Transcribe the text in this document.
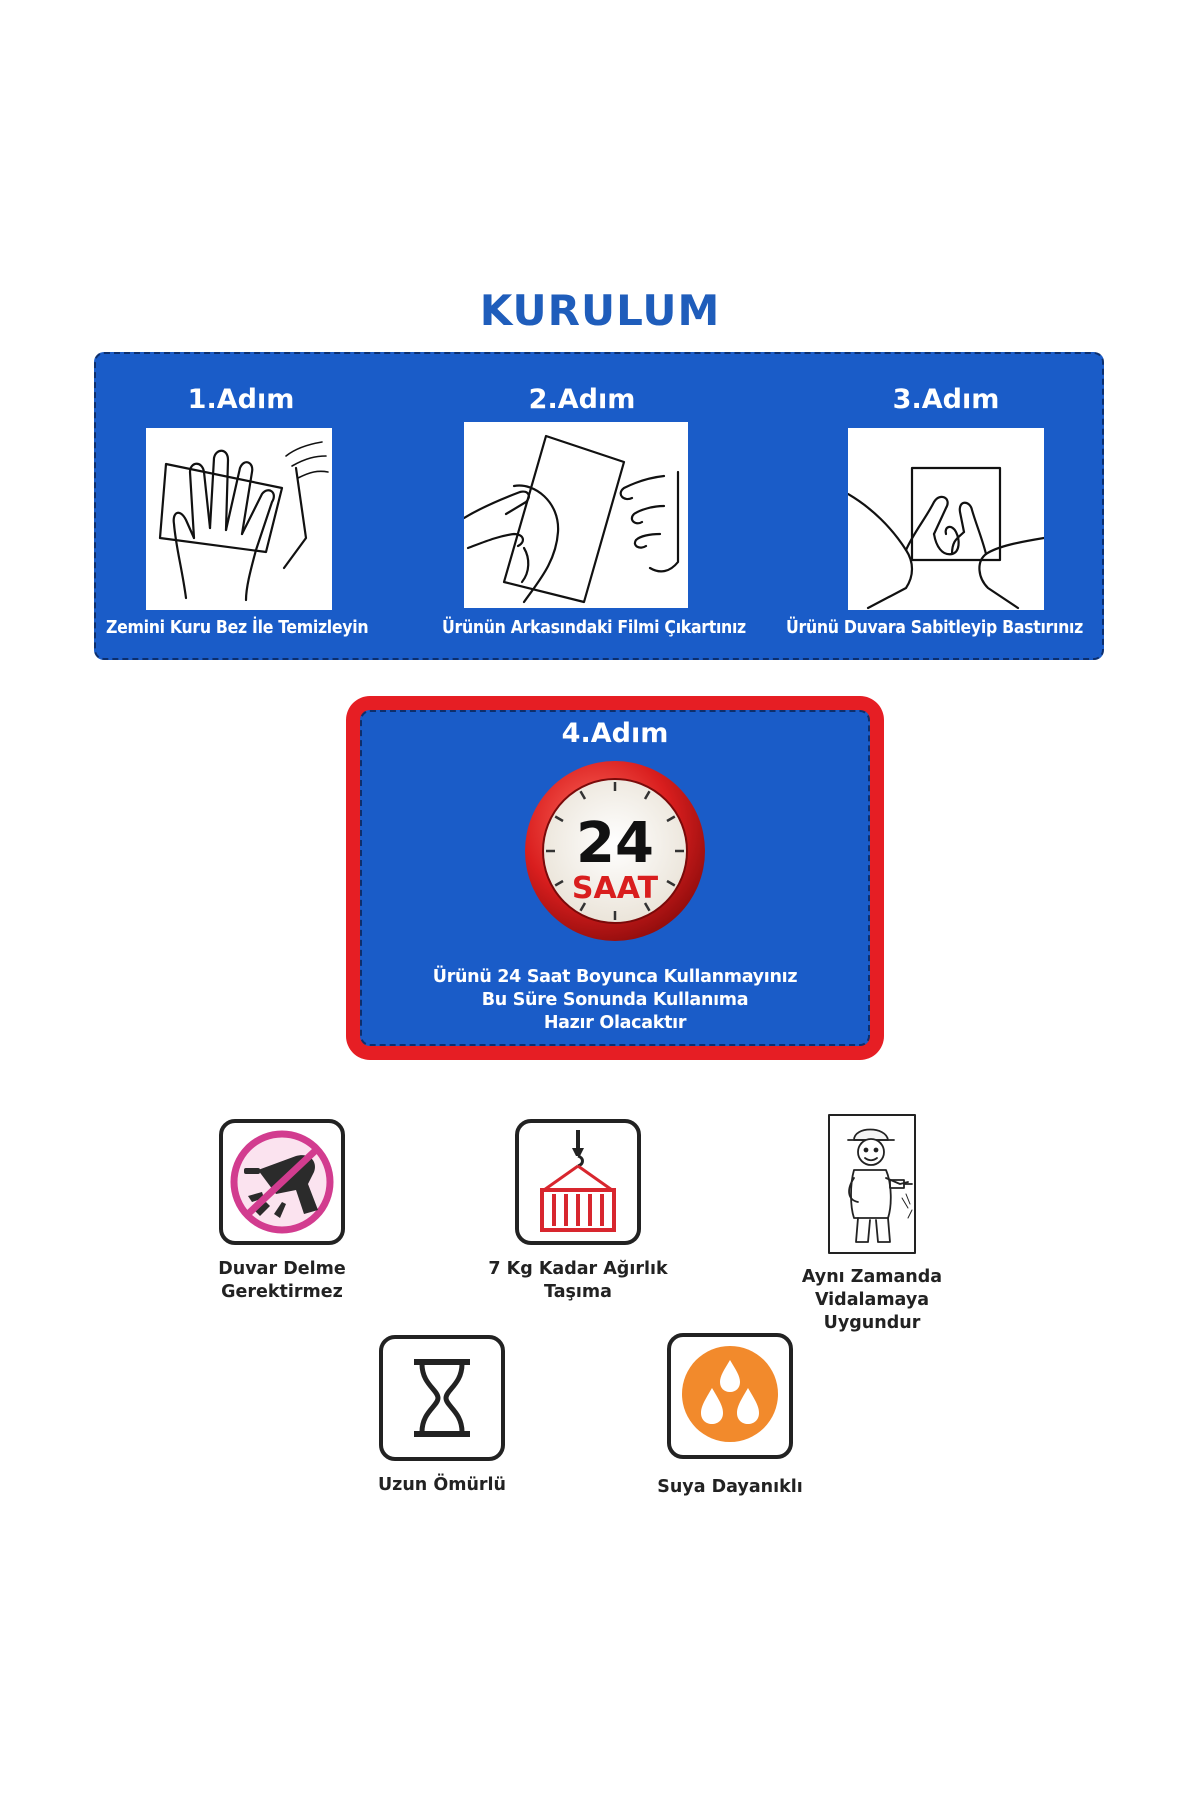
KURULUM
1.Adım
Zemini Kuru Bez İle Temizleyin
2.Adım
Ürünün Arkasındaki Filmi Çıkartınız
3.Adım
Ürünü Duvara Sabitleyip Bastırınız
4.Adım
24
SAAT
Ürünü 24 Saat Boyunca Kullanmayınız
Bu Süre Sonunda Kullanıma
Hazır Olacaktır
Duvar Delme Gerektirmez
7 Kg Kadar Ağırlık Taşıma
Aynı Zamanda Vidalamaya
Uygundur
Uzun Ömürlü	Suya Dayanıklı
